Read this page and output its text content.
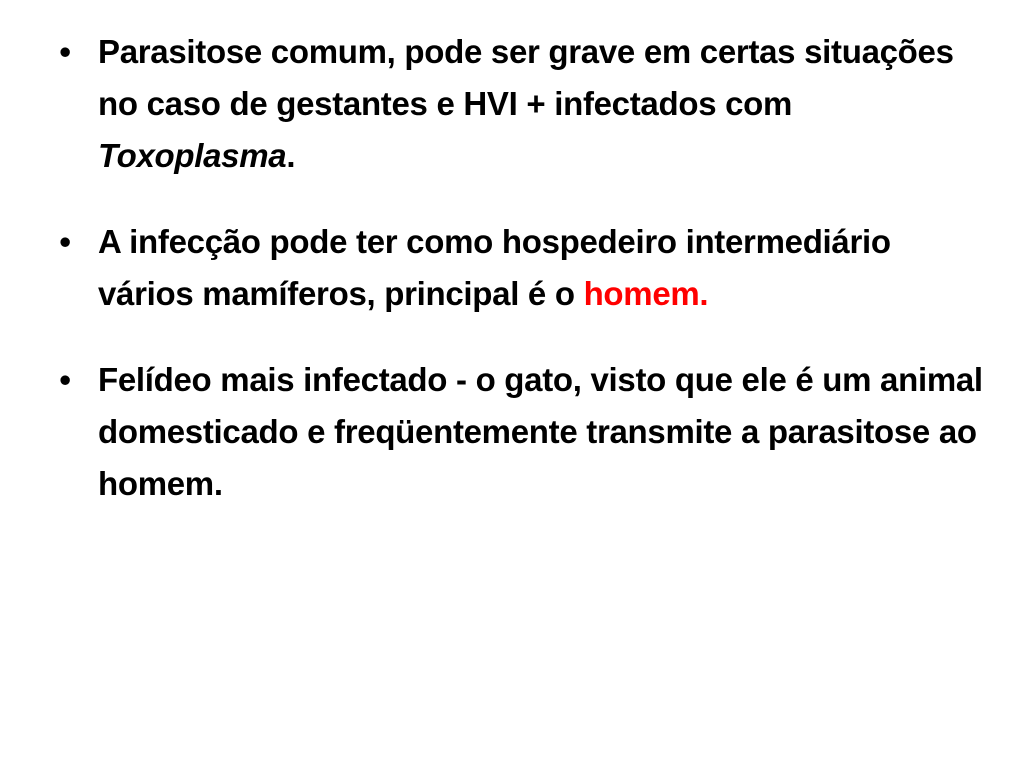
• Parasitose comum, pode ser grave em certas situações no caso de gestantes e HVI + infectados com Toxoplasma.
• A infecção pode ter como hospedeiro intermediário vários mamíferos, principal é o homem.
• Felídeo mais infectado - o gato, visto que ele é um animal domesticado e freqüentemente transmite a parasitose ao homem.
